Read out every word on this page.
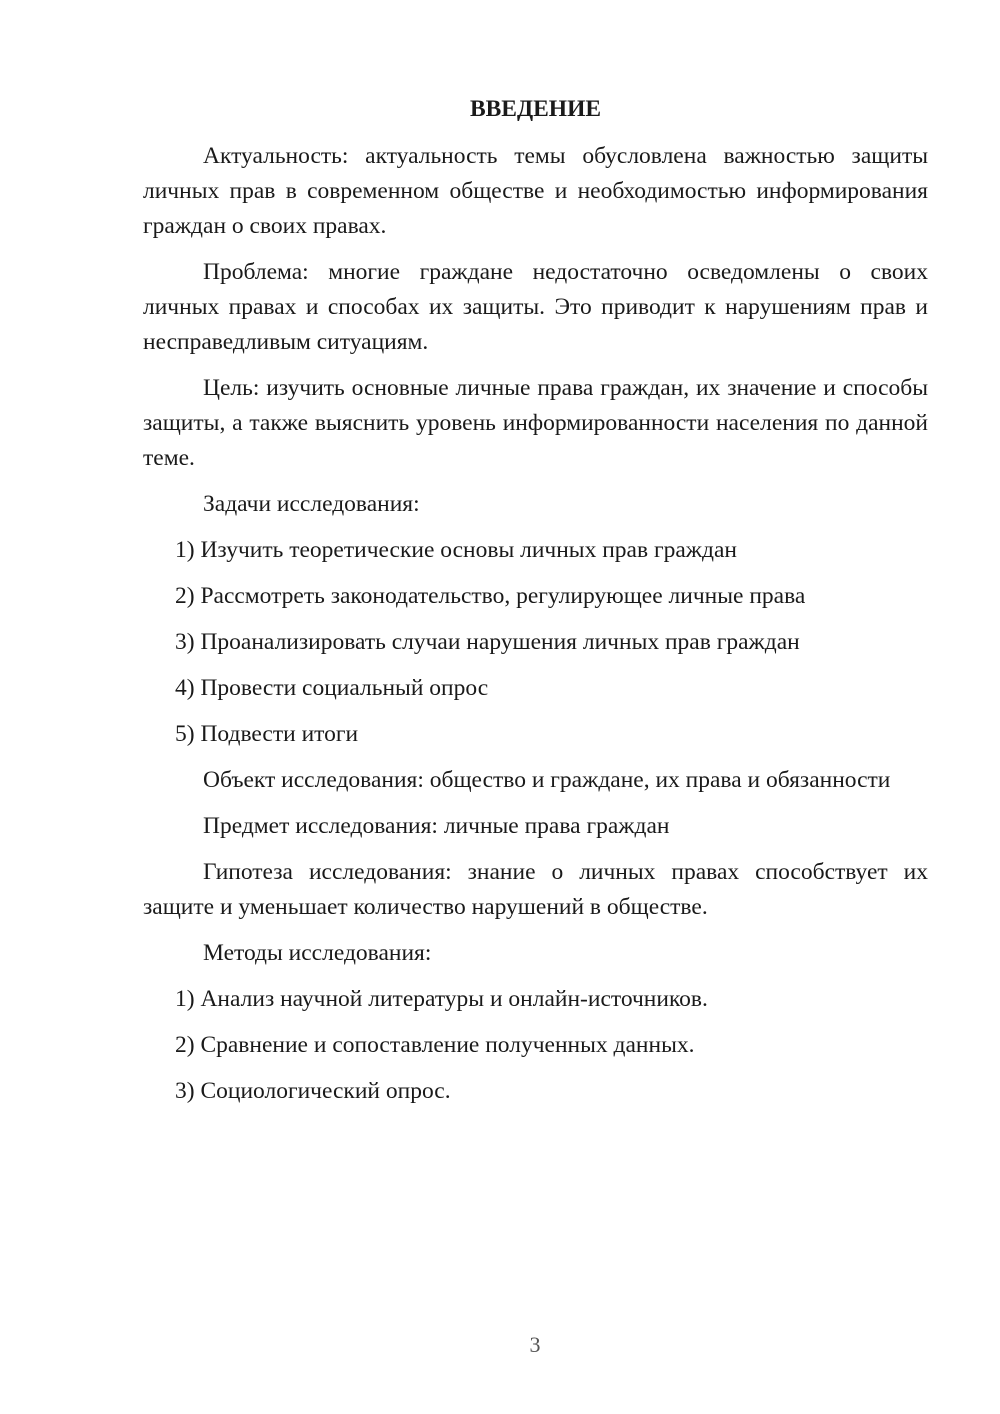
ВВЕДЕНИЕ

Актуальность: актуальность темы обусловлена важностью защиты личных прав в современном обществе и необходимостью информирования граждан о своих правах.

Проблема: многие граждане недостаточно осведомлены о своих личных правах и способах их защиты. Это приводит к нарушениям прав и несправедливым ситуациям.

Цель: изучить основные личные права граждан, их значение и способы защиты, а также выяснить уровень информированности населения по данной теме.

Задачи исследования:

1) Изучить теоретические основы личных прав граждан
2) Рассмотреть законодательство, регулирующее личные права
3) Проанализировать случаи нарушения личных прав граждан
4) Провести социальный опрос
5) Подвести итоги

Объект исследования: общество и граждане, их права и обязанности

Предмет исследования: личные права граждан

Гипотеза исследования: знание о личных правах способствует их защите и уменьшает количество нарушений в обществе.

Методы исследования:

1) Анализ научной литературы и онлайн-источников.
2) Сравнение и сопоставление полученных данных.
3) Социологический опрос.
3
